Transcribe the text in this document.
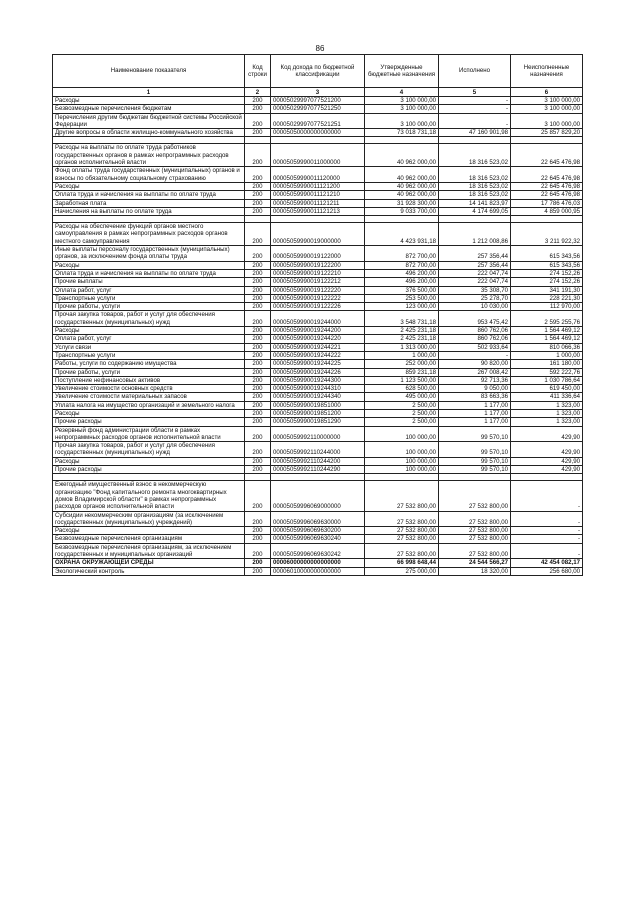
86
Наименование показателя	Код строки	Код дохода по бюджетной классификации	Утвержденные бюджетные назначения	Исполнено	Неисполненные назначения
1	2	3	4	5	6
Расходы	200	00005029997077521200	3 100 000,00	-	3 100 000,00
Безвозмездные перечисления бюджетам	200	00005029997077521250	3 100 000,00	-	3 100 000,00
Перечисления другим бюджетам бюджетной системы Российской Федерации	200	00005029997077521251	3 100 000,00	-	3 100 000,00
Другие вопросы в области жилищно-коммунального хозяйства	200	00005050000000000000	73 018 731,18	47 160 901,98	25 857 829,20

Расходы на выплаты по оплате труда работников государственных органов в рамках непрограммных расходов органов исполнительной власти	200	00005059990011000000	40 962 000,00	18 316 523,02	22 645 476,98
Фонд оплаты труда государственных (муниципальных) органов и взносы по обязательному социальному страхованию	200	00005059990011120000	40 962 000,00	18 316 523,02	22 645 476,98
Расходы	200	00005059990011121200	40 962 000,00	18 316 523,02	22 645 476,98
Оплата труда и начисления на выплаты по оплате труда	200	00005059990011121210	40 962 000,00	18 316 523,02	22 645 476,98
Заработная плата	200	00005059990011121211	31 928 300,00	14 141 823,97	17 786 476,03
Начисления на выплаты по оплате труда	200	00005059990011121213	9 033 700,00	4 174 699,05	4 859 000,95

Расходы на обеспечение функций органов местного самоуправления в рамках непрограммных расходов органов местного самоуправления	200	00005059990019000000	4 423 931,18	1 212 008,86	3 211 922,32
Иные выплаты персоналу государственных (муниципальных) органов, за исключением фонда оплаты труда	200	00005059990019122000	872 700,00	257 356,44	615 343,56
Расходы	200	00005059990019122200	872 700,00	257 356,44	615 343,56
Оплата труда и начисления на выплаты по оплате труда	200	00005059990019122210	496 200,00	222 047,74	274 152,26
Прочие выплаты	200	00005059990019122212	496 200,00	222 047,74	274 152,26
Оплата работ, услуг	200	00005059990019122220	376 500,00	35 308,70	341 191,30
Транспортные услуги	200	00005059990019122222	253 500,00	25 278,70	228 221,30
Прочие работы, услуги	200	00005059990019122226	123 000,00	10 030,00	112 970,00
Прочая закупка товаров, работ и услуг для обеспечения государственных (муниципальных) нужд	200	00005059990019244000	3 548 731,18	953 475,42	2 595 255,76
Расходы	200	00005059990019244200	2 425 231,18	860 762,06	1 564 469,12
Оплата работ, услуг	200	00005059990019244220	2 425 231,18	860 762,06	1 564 469,12
Услуги связи	200	00005059990019244221	1 313 000,00	502 933,64	810 066,36
Транспортные услуги	200	00005059990019244222	1 000,00	-	1 000,00
Работы, услуги по содержанию имущества	200	00005059990019244225	252 000,00	90 820,00	161 180,00
Прочие работы, услуги	200	00005059990019244226	859 231,18	267 008,42	592 222,76
Поступление нефинансовых активов	200	00005059990019244300	1 123 500,00	92 713,36	1 030 786,64
Увеличение стоимости основных средств	200	00005059990019244310	628 500,00	9 050,00	619 450,00
Увеличение стоимости материальных запасов	200	00005059990019244340	495 000,00	83 663,36	411 336,64
Уплата налога на имущество организаций и земельного налога	200	00005059990019851000	2 500,00	1 177,00	1 323,00
Расходы	200	00005059990019851200	2 500,00	1 177,00	1 323,00
Прочие расходы	200	00005059990019851290	2 500,00	1 177,00	1 323,00
Резервный фонд администрации области в рамках непрограммных расходов органов исполнительной власти	200	00005059992110000000	100 000,00	99 570,10	429,90
Прочая закупка товаров, работ и услуг для обеспечения государственных (муниципальных) нужд	200	00005059992110244000	100 000,00	99 570,10	429,90
Расходы	200	00005059992110244200	100 000,00	99 570,10	429,90
Прочие расходы	200	00005059992110244290	100 000,00	99 570,10	429,90

Ежегодный имущественный взнос в некоммерческую организацию "Фонд капитального ремонта многоквартирных домов Владимирской области" в рамках непрограммных расходов органов исполнительной власти	200	00005059996069000000	27 532 800,00	27 532 800,00	-
Субсидии некоммерческим организациям (за исключением государственных (муниципальных) учреждений)	200	00005059996069630000	27 532 800,00	27 532 800,00	-
Расходы	200	00005059996069630200	27 532 800,00	27 532 800,00	-
Безвозмездные перечисления организациям	200	00005059996069630240	27 532 800,00	27 532 800,00	-
Безвозмездные перечисления организациям, за исключением государственных и муниципальных организаций	200	00005059996069630242	27 532 800,00	27 532 800,00	-
ОХРАНА ОКРУЖАЮЩЕЙ СРЕДЫ	200	00006000000000000000	66 998 648,44	24 544 566,27	42 454 082,17
Экологический контроль	200	00006010000000000000	275 000,00	18 320,00	256 680,00
